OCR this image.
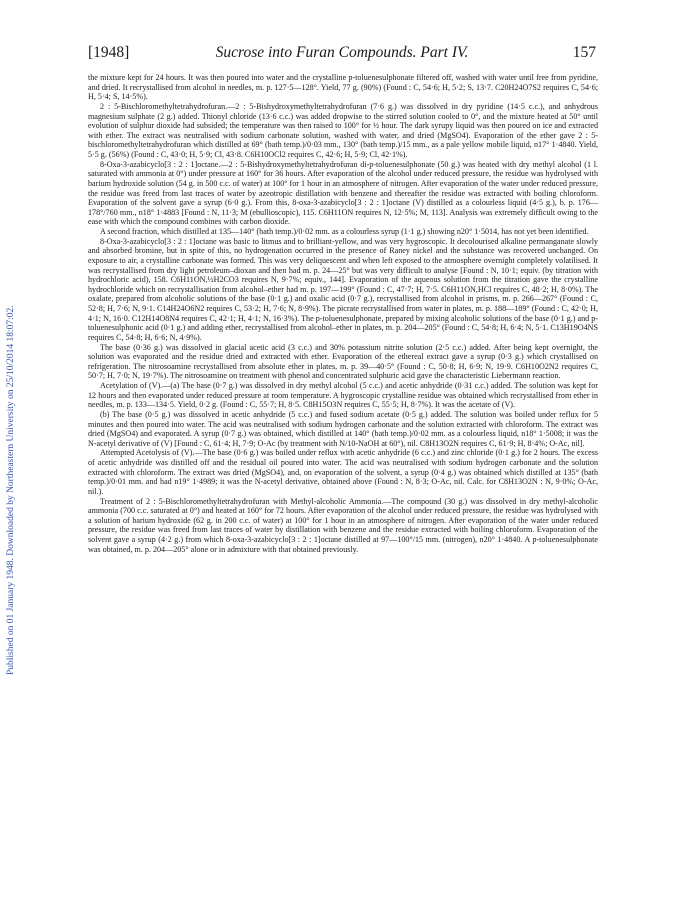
[1948]	Sucrose into Furan Compounds. Part IV.	157
Published on 01 January 1948. Downloaded by Northeastern University on 25/10/2014 18:07:02.

the mixture kept for 24 hours. It was then poured into water and the crystalline p-toluenesulphonate filtered off, washed with water until free from pyridine, and dried. It recrystallised from alcohol in needles, m. p. 127·5—128°. Yield, 77 g. (90%) (Found : C, 54·6; H, 5·2; S, 13·7. C20H24O7S2 requires C, 54·6; H, 5·4; S, 14·5%).

2 : 5-Bischloromethyltetrahydrofuran.—2 : 5-Bishydroxymethyltetrahydrofuran (7·6 g.) was dissolved in dry pyridine (14·5 c.c.), and anhydrous magnesium sulphate (2 g.) added. Thionyl chloride (13·6 c.c.) was added dropwise to the stirred solution cooled to 0°, and the mixture heated at 50° until evolution of sulphur dioxide had subsided; the temperature was then raised to 100° for ½ hour. The dark syrupy liquid was then poured on ice and extracted with ether. The extract was neutralised with sodium carbonate solution, washed with water, and dried (MgSO4). Evaporation of the ether gave 2 : 5-bischloromethyltetrahydrofuran which distilled at 69° (bath temp.)/0·03 mm., 130° (bath temp.)/15 mm., as a pale yellow mobile liquid, n17° 1·4840. Yield, 5·5 g. (56%) (Found : C, 43·0; H, 5·9; Cl, 43·8. C6H10OCl2 requires C, 42·6; H, 5·9; Cl, 42·1%).

8-Oxa-3-azabicyclo[3 : 2 : 1]octane.—2 : 5-Bishydroxymethyltetrahydrofuran di-p-toluenesulphonate (50 g.) was heated with dry methyl alcohol (1 l. saturated with ammonia at 0°) under pressure at 160° for 36 hours. After evaporation of the alcohol under reduced pressure, the residue was hydrolysed with barium hydroxide solution (54 g. in 500 c.c. of water) at 100° for 1 hour in an atmosphere of nitrogen. After evaporation of the water under reduced pressure, the residue was freed from last traces of water by azeotropic distillation with benzene and thereafter the residue was extracted with boiling chloroform. Evaporation of the solvent gave a syrup (6·0 g.). From this, 8-oxa-3-azabicyclo[3 : 2 : 1]octane (V) distilled as a colourless liquid (4·5 g.), b. p. 176—178°/760 mm., n18° 1·4883 [Found : N, 11·3; M (ebullioscopic), 115. C6H11ON requires N, 12·5%; M, 113]. Analysis was extremely difficult owing to the ease with which the compound combines with carbon dioxide.

A second fraction, which distilled at 135—140° (bath temp.)/0·02 mm. as a colourless syrup (1·1 g.) showing n20° 1·5014, has not yet been identified.

8-Oxa-3-azabicyclo[3 : 2 : 1]octane was basic to litmus and to brilliant-yellow, and was very hygroscopic. It decolourised alkaline permanganate slowly and absorbed bromine, but in spite of this, no hydrogenation occurred in the presence of Raney nickel and the substance was recovered unchanged. On exposure to air, a crystalline carbonate was formed. This was very deliquescent and when left exposed to the atmosphere overnight completely volatilised. It was recrystallised from dry light petroleum–dioxan and then had m. p. 24—25° but was very difficult to analyse [Found : N, 10·1; equiv. (by titration with hydrochloric acid), 158. C6H11ON,½H2CO3 requires N, 9·7%; equiv., 144]. Evaporation of the aqueous solution from the titration gave the crystalline hydrochloride which on recrystallisation from alcohol–ether had m. p. 197—199° (Found : C, 47·7; H, 7·5. C6H11ON,HCl requires C, 48·2; H, 8·0%). The oxalate, prepared from alcoholic solutions of the base (0·1 g.) and oxalic acid (0·7 g.), recrystallised from alcohol in prisms, m. p. 266—267° (Found : C, 52·8; H, 7·6; N, 9·1. C14H24O6N2 requires C, 53·2; H, 7·6; N, 8·9%). The picrate recrystallised from water in plates, m. p. 188—189° (Found : C, 42·0; H, 4·1; N, 16·0. C12H14O8N4 requires C, 42·1; H, 4·1; N, 16·3%). The p-toluenesulphonate, prepared by mixing alcoholic solutions of the base (0·1 g.) and p-toluenesulphonic acid (0·1 g.) and adding ether, recrystallised from alcohol–ether in plates, m. p. 204—205° (Found : C, 54·8; H, 6·4; N, 5·1. C13H19O4NS requires C, 54·8; H, 6·6; N, 4·9%).

The base (0·36 g.) was dissolved in glacial acetic acid (3 c.c.) and 30% potassium nitrite solution (2·5 c.c.) added. After being kept overnight, the solution was evaporated and the residue dried and extracted with ether. Evaporation of the ethereal extract gave a syrup (0·3 g.) which crystallised on refrigeration. The nitrosoamine recrystallised from absolute ether in plates, m. p. 39—40·5° (Found : C, 50·8; H, 6·9; N, 19·9. C6H10O2N2 requires C, 50·7; H, 7·0; N, 19·7%). The nitrosoamine on treatment with phenol and concentrated sulphuric acid gave the characteristic Liebermann reaction.

Acetylation of (V).—(a) The base (0·7 g.) was dissolved in dry methyl alcohol (5 c.c.) and acetic anhydride (0·31 c.c.) added. The solution was kept for 12 hours and then evaporated under reduced pressure at room temperature. A hygroscopic crystalline residue was obtained which recrystallised from ether in needles, m. p. 133—134·5. Yield, 0·2 g. (Found : C, 55·7; H, 8·5. C8H15O3N requires C, 55·5; H, 8·7%). It was the acetate of (V).

(b) The base (0·5 g.) was dissolved in acetic anhydride (5 c.c.) and fused sodium acetate (0·5 g.) added. The solution was boiled under reflux for 5 minutes and then poured into water. The acid was neutralised with sodium hydrogen carbonate and the solution extracted with chloroform. The extract was dried (MgSO4) and evaporated. A syrup (0·7 g.) was obtained, which distilled at 140° (bath temp.)/0·02 mm. as a colourless liquid, n18° 1·5008; it was the N-acetyl derivative of (V) [Found : C, 61·4; H, 7·9; O-Ac (by treatment with N/10-NaOH at 60°), nil. C8H13O2N requires C, 61·9; H, 8·4%; O-Ac, nil].

Attempted Acetolysis of (V).—The base (0·6 g.) was boiled under reflux with acetic anhydride (6 c.c.) and zinc chloride (0·1 g.) for 2 hours. The excess of acetic anhydride was distilled off and the residual oil poured into water. The acid was neutralised with sodium hydrogen carbonate and the solution extracted with chloroform. The extract was dried (MgSO4), and, on evaporation of the solvent, a syrup (0·4 g.) was obtained which distilled at 135° (bath temp.)/0·01 mm. and had n19° 1·4989; it was the N-acetyl derivative, obtained above (Found : N, 8·3; O-Ac, nil. Calc. for C8H13O2N : N, 9·0%; O-Ac, nil.).

Treatment of 2 : 5-Bischloromethyltetrahydrofuran with Methyl-alcoholic Ammonia.—The compound (30 g.) was dissolved in dry methyl-alcoholic ammonia (700 c.c. saturated at 0°) and heated at 160° for 72 hours. After evaporation of the alcohol under reduced pressure, the residue was hydrolysed with a solution of barium hydroxide (62 g. in 200 c.c. of water) at 100° for 1 hour in an atmosphere of nitrogen. After evaporation of the water under reduced pressure, the residue was freed from last traces of water by distillation with benzene and the residue extracted with boiling chloroform. Evaporation of the solvent gave a syrup (4·2 g.) from which 8-oxa-3-azabicyclo[3 : 2 : 1]octane distilled at 97—100°/15 mm. (nitrogen), n20° 1·4840. A p-toluenesulphonate was obtained, m. p. 204—205° alone or in admixture with that obtained previously.
